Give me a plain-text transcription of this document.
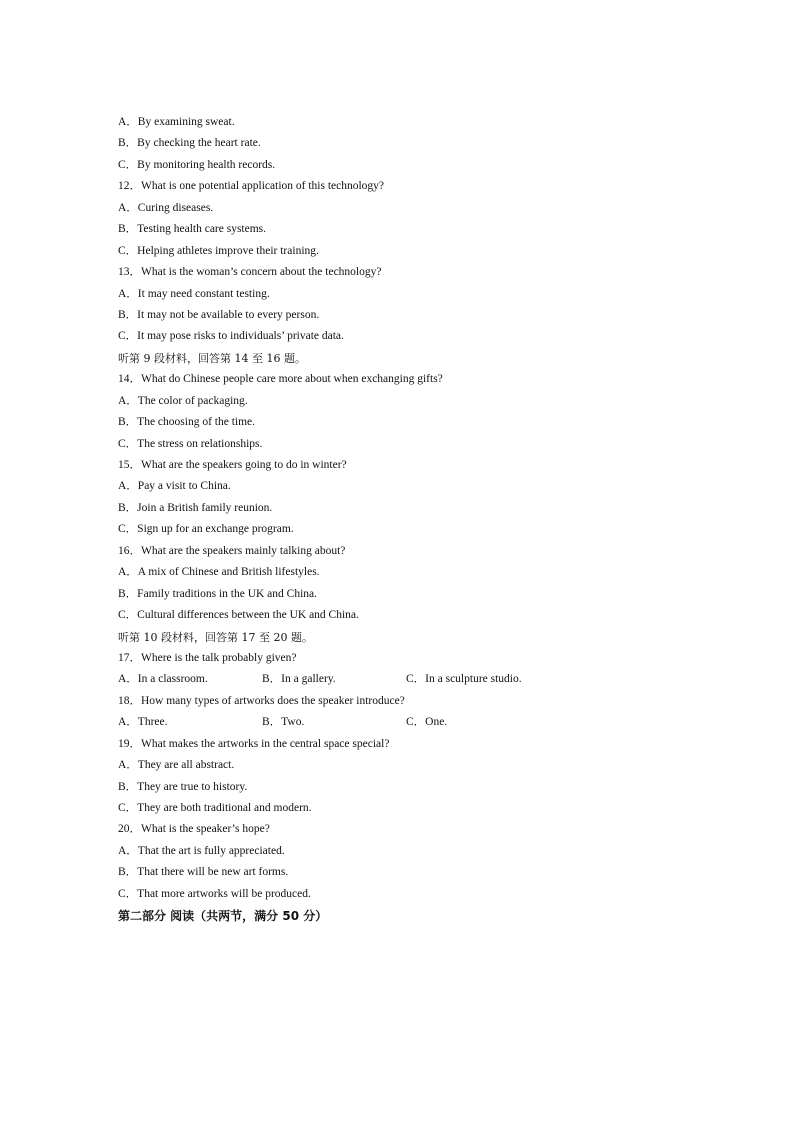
A．By examining sweat.
B．By checking the heart rate.
C．By monitoring health records.
12．What is one potential application of this technology?
A．Curing diseases.
B．Testing health care systems.
C．Helping athletes improve their training.
13．What is the woman’s concern about the technology?
A．It may need constant testing.
B．It may not be available to every person.
C．It may pose risks to individuals’ private data.
听第 9 段材料，回答第 14 至 16 题。
14．What do Chinese people care more about when exchanging gifts?
A．The color of packaging.
B．The choosing of the time.
C．The stress on relationships.
15．What are the speakers going to do in winter?
A．Pay a visit to China.
B．Join a British family reunion.
C．Sign up for an exchange program.
16．What are the speakers mainly talking about?
A．A mix of Chinese and British lifestyles.
B．Family traditions in the UK and China.
C．Cultural differences between the UK and China.
听第 10 段材料，回答第 17 至 20 题。
17．Where is the talk probably given?
A．In a classroom.	B．In a gallery.	C．In a sculpture studio.
18．How many types of artworks does the speaker introduce?
A．Three.	B．Two.	C．One.
19．What makes the artworks in the central space special?
A．They are all abstract.
B．They are true to history.
C．They are both traditional and modern.
20．What is the speaker’s hope?
A．That the art is fully appreciated.
B．That there will be new art forms.
C．That more artworks will be produced.
第二部分 阅读（共两节，满分 50 分）
